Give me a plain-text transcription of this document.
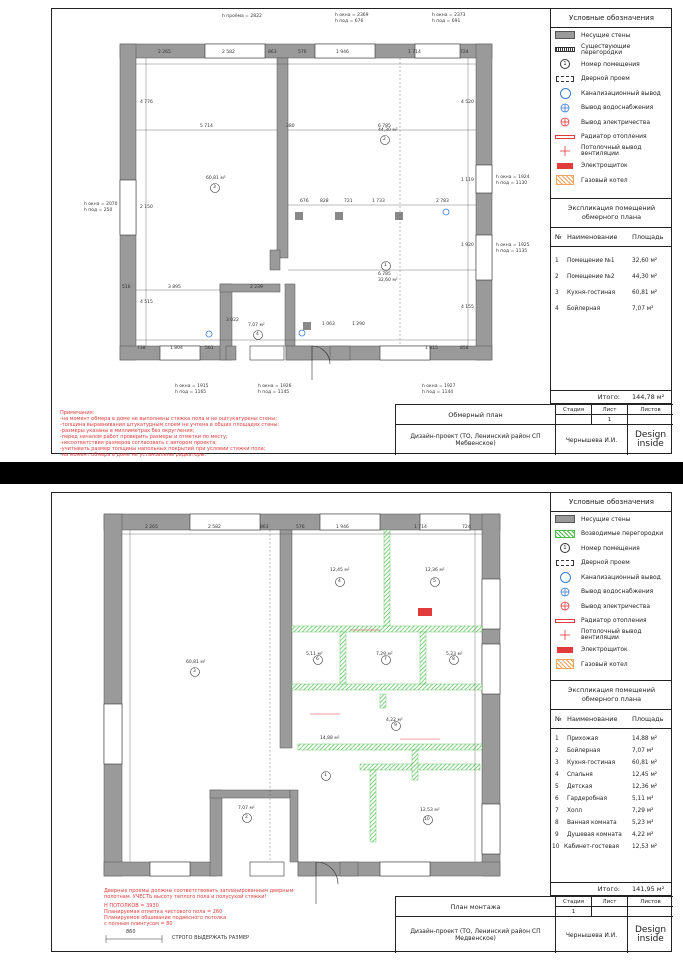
h проёма = 2822	h окна = 2369
h под = 676
h окна = 2373
h под = 691
h окна = 2070
h под = 250
h окна = 1924
h под = 1130
h окна = 1925
h под = 1135
h окна = 1915
h под = 1165
h окна = 1926
h под = 1145
h окна = 1927
h под = 1144
2 265	2 582	863	576	1 946	1 714	724
5 714	6 785
6 785
676	828	721	1 733	2 783
738	1 804	561
3 022
1 063	1 290
1 815	858
4 776
2 150
4 515
4 520
1 119
1 920
4 155
2 239
380
3 895
516
60,81 м²
44,30 м²
32,60 м²
7,07 м²
3
2
1
4
Примечания:
-на момент обмера в доме не выполнены стяжка пола и не оштукатурены стены;
-толщина выравнивания штукатурным слоем не учтена в общих площадях стены;
-размеры указаны в миллиметрах без округления;
-перед началом работ проверить размеры и отметки по месту;
-несоответствия размеров согласовать с автором проекта;
-учитывать размер толщины напольных покрытий при условии стяжки пола;
-на момент обмера в доме не установлены радиаторы.
Условные обозначения
Несущие стены
Существующие перегородки
1	Номер помещения
Дверной проем
Канализационный вывод
Вывод водоснабжения
Вывод электричества
Радиатор отопления
Потолочный вывод вентиляции
Электрощиток
Газовый котел
Экспликация помещений обмерного плана
№ Наименование	Площадь
1	Помещение №1	32,60 м²
2	Помещение №2	44,30 м²
3	Кухня-гостиная	60,81 м²
4	Бойлерная	7,07 м²
Итого:	144,78 м²
Обмерный план
Стадия	Лист	Листов
1
Дизайн-проект (ТО, Ленинский район СП Мебвенское)	Чернышева И.И.	Design
inside
2 265	2 582	863	576	1 946	1 714	724
60,81 м²
12,45 м²	12,36 м²
5,11 м²	7,29 м²	5,23 м²
4,22 м²
14,88 м²
7,07 м²	12,53 м²
3
4	5
6	7	8
9
1
2	10
Дверные проемы должны соответствовать запланированным дверным
полотнам. УЧЕСТЬ высоту теплого пола и полусухой стяжки!
Н ПОТОЛКОВ = 3930
Планируемая отметка чистового пола = 260
Планируемое обшивание подвесного потолка
с полным плинтусом = 80
860
СТРОГО ВЫДЕРЖАТЬ РАЗМЕР
Условные обозначения
Несущие стены
Возводимые перегородки
1	Номер помещения
Дверной проем
Канализационный вывод
Вывод водоснабжения
Вывод электричества
Радиатор отопления
Потолочный вывод вентиляции
Электрощиток
Газовый котел
Экспликация помещений обмерного плана
№ Наименование	Площадь
1	Прихожая	14,88 м²
2	Бойлерная	7,07 м²
3	Кухня-гостиная	60,81 м²
4	Спальня	12,45 м²
5	Детская	12,36 м²
6	Гардеробная	5,11 м²
7	Холл	7,29 м²
8	Ванная комната	5,23 м²
9	Душевая комната	4,22 м²
10 Кабинет-гостевая	12,53 м²
Итого:	141,95 м²
План монтажа
Стадия	Лист	Листов
1
Дизайн-проект (ТО, Ленинский район СП Медвенское)	Чернышева И.И.	Design
inside
